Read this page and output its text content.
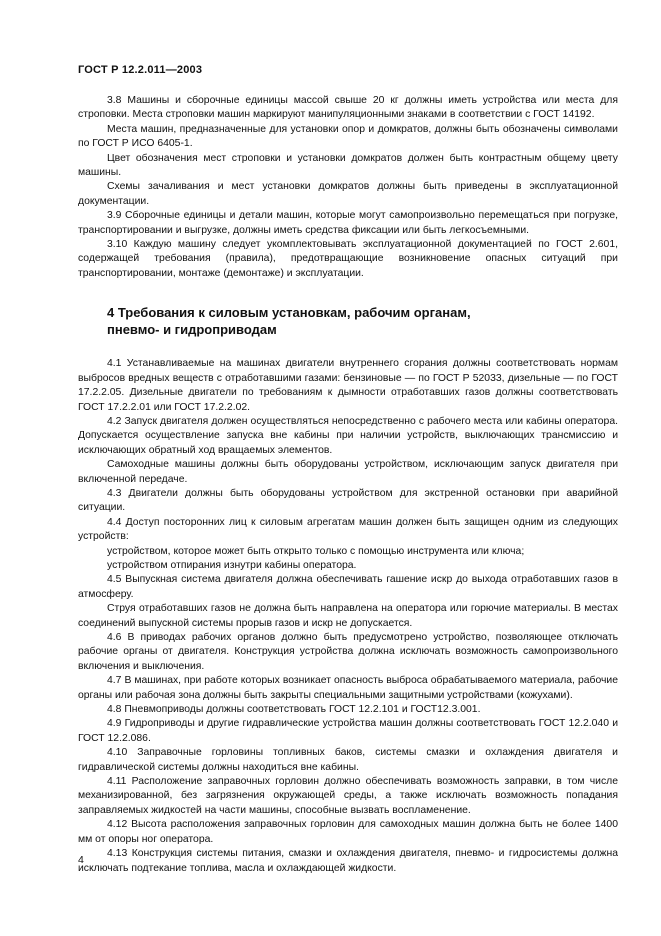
ГОСТ Р 12.2.011—2003

3.8 Машины и сборочные единицы массой свыше 20 кг должны иметь устройства или места для строповки. Места строповки машин маркируют манипуляционными знаками в соответствии с ГОСТ 14192.

Места машин, предназначенные для установки опор и домкратов, должны быть обозначены символами по ГОСТ Р ИСО 6405-1.

Цвет обозначения мест строповки и установки домкратов должен быть контрастным общему цвету машины.

Схемы зачаливания и мест установки домкратов должны быть приведены в эксплуатационной документации.

3.9 Сборочные единицы и детали машин, которые могут самопроизвольно перемещаться при погрузке, транспортировании и выгрузке, должны иметь средства фиксации или быть легкосъемными.

3.10 Каждую машину следует укомплектовывать эксплуатационной документацией по ГОСТ 2.601, содержащей требования (правила), предотвращающие возникновение опасных ситуаций при транспортировании, монтаже (демонтаже) и эксплуатации.

4 Требования к силовым установкам, рабочим органам,
пневмо- и гидроприводам

4.1 Устанавливаемые на машинах двигатели внутреннего сгорания должны соответствовать нормам выбросов вредных веществ с отработавшими газами: бензиновые — по ГОСТ Р 52033, дизельные — по ГОСТ 17.2.2.05. Дизельные двигатели по требованиям к дымности отработавших газов должны соответствовать ГОСТ 17.2.2.01 или ГОСТ 17.2.2.02.

4.2 Запуск двигателя должен осуществляться непосредственно с рабочего места или кабины оператора. Допускается осуществление запуска вне кабины при наличии устройств, выключающих трансмиссию и исключающих обратный ход вращаемых элементов.

Самоходные машины должны быть оборудованы устройством, исключающим запуск двигателя при включенной передаче.

4.3 Двигатели должны быть оборудованы устройством для экстренной остановки при аварийной ситуации.

4.4 Доступ посторонних лиц к силовым агрегатам машин должен быть защищен одним из следующих устройств:

устройством, которое может быть открыто только с помощью инструмента или ключа;

устройством отпирания изнутри кабины оператора.

4.5 Выпускная система двигателя должна обеспечивать гашение искр до выхода отработавших газов в атмосферу.

Струя отработавших газов не должна быть направлена на оператора или горючие материалы. В местах соединений выпускной системы прорыв газов и искр не допускается.

4.6 В приводах рабочих органов должно быть предусмотрено устройство, позволяющее отключать рабочие органы от двигателя. Конструкция устройства должна исключать возможность самопроизвольного включения и выключения.

4.7 В машинах, при работе которых возникает опасность выброса обрабатываемого материала, рабочие органы или рабочая зона должны быть закрыты специальными защитными устройствами (кожухами).

4.8 Пневмоприводы должны соответствовать ГОСТ 12.2.101 и ГОСТ12.3.001.

4.9 Гидроприводы и другие гидравлические устройства машин должны соответствовать ГОСТ 12.2.040 и ГОСТ 12.2.086.

4.10 Заправочные горловины топливных баков, системы смазки и охлаждения двигателя и гидравлической системы должны находиться вне кабины.

4.11 Расположение заправочных горловин должно обеспечивать возможность заправки, в том числе механизированной, без загрязнения окружающей среды, а также исключать возможность попадания заправляемых жидкостей на части машины, способные вызвать воспламенение.

4.12 Высота расположения заправочных горловин для самоходных машин должна быть не более 1400 мм от опоры ног оператора.

4.13 Конструкция системы питания, смазки и охлаждения двигателя, пневмо- и гидросистемы должна исключать подтекание топлива, масла и охлаждающей жидкости.

4
